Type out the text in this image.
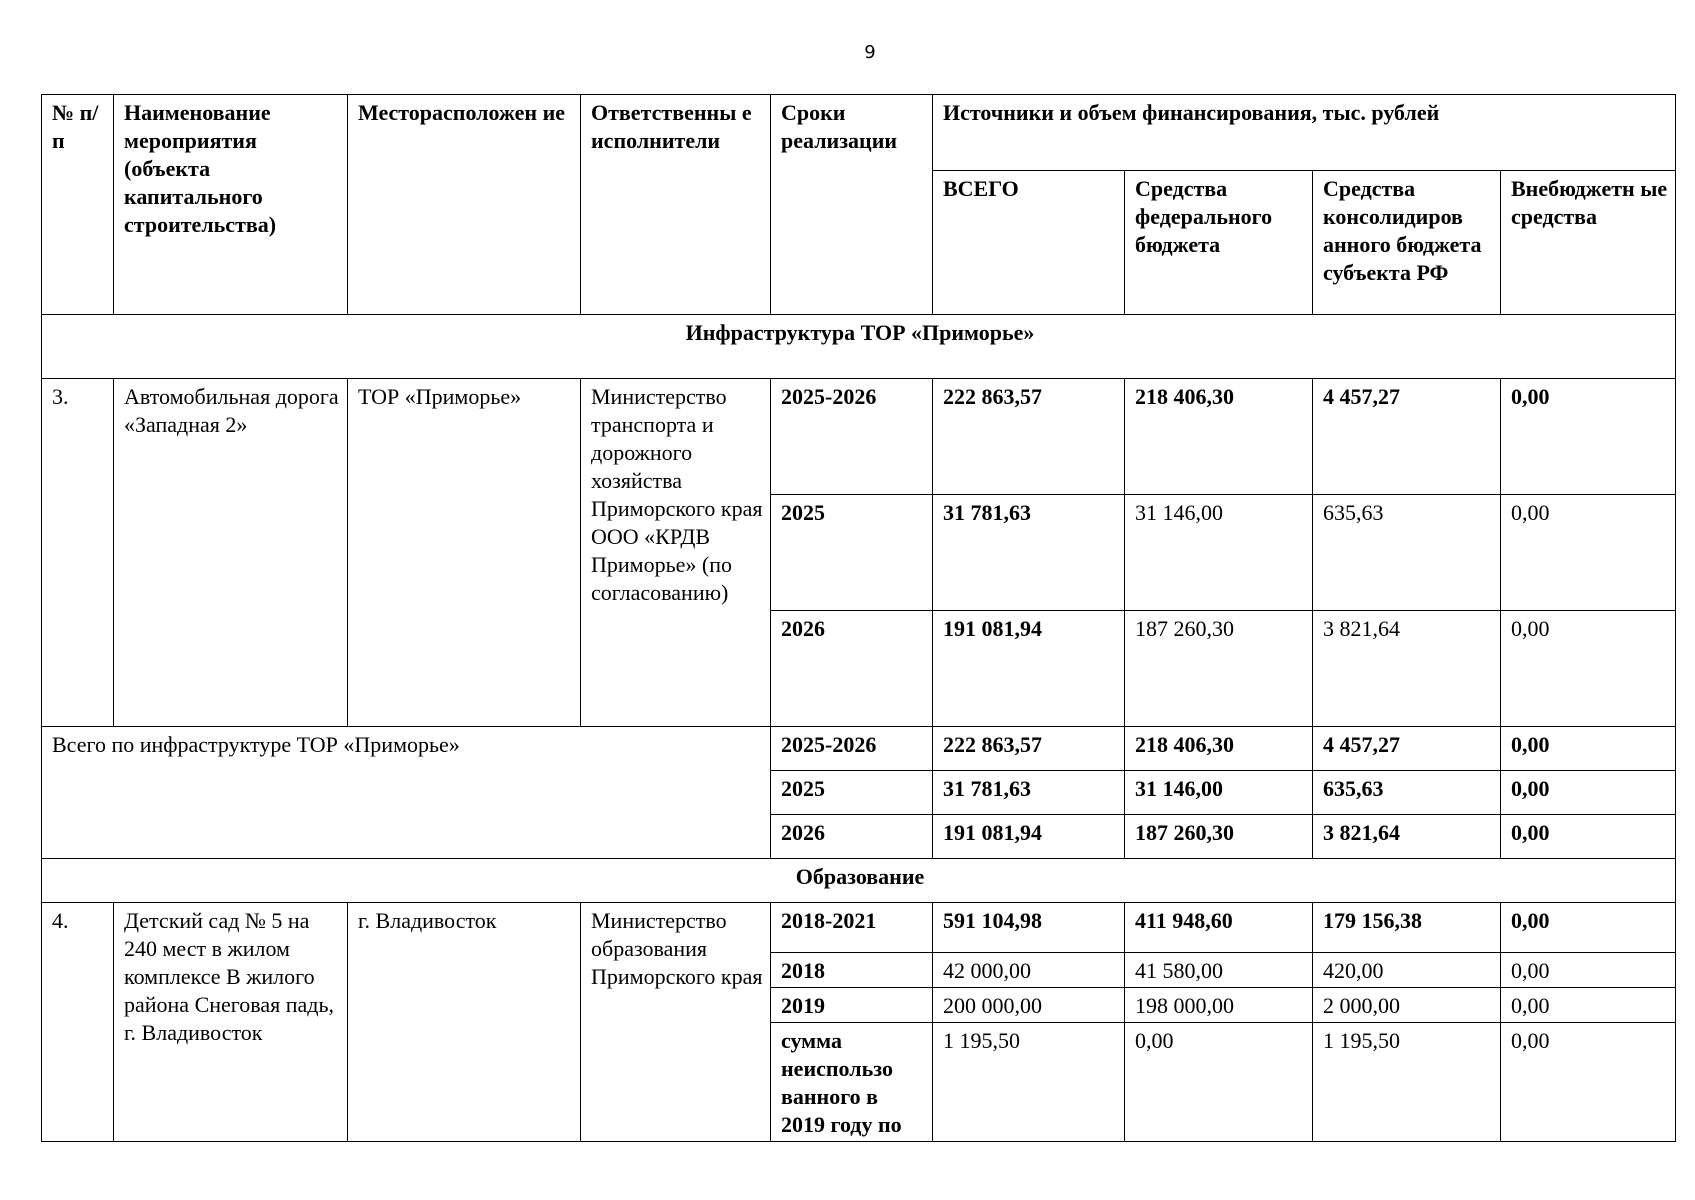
9
№ п/п	Наименование мероприятия (объекта капитального строительства)	Месторасположен ие	Ответственны е исполнители	Сроки реализации	Источники и объем финансирования, тыс. рублей			
					ВСЕГО	Средства федерального бюджета	Средства консолидиров анного бюджета субъекта РФ	Внебюджетн ые средства
Инфраструктура ТОР «Приморье»								
3.	Автомобильная дорога «Западная 2»	ТОР «Приморье»	Министерство транспорта и дорожного хозяйства Приморского края ООО «КРДВ Приморье» (по согласованию)	2025-2026	222 863,57	218 406,30	4 457,27	0,00
				2025	31 781,63	31 146,00	635,63	0,00
				2026	191 081,94	187 260,30	3 821,64	0,00
Всего по инфраструктуре ТОР «Приморье»				2025-2026	222 863,57	218 406,30	4 457,27	0,00
				2025	31 781,63	31 146,00	635,63	0,00
				2026	191 081,94	187 260,30	3 821,64	0,00
Образование								
4.	Детский сад № 5 на 240 мест в жилом комплексе В жилого района Снеговая падь, г. Владивосток	г. Владивосток	Министерство образования Приморского края	2018-2021	591 104,98	411 948,60	179 156,38	0,00
				2018	42 000,00	41 580,00	420,00	0,00
				2019	200 000,00	198 000,00	2 000,00	0,00
				сумма неиспользо ванного в 2019 году по	1 195,50	0,00	1 195,50	0,00
